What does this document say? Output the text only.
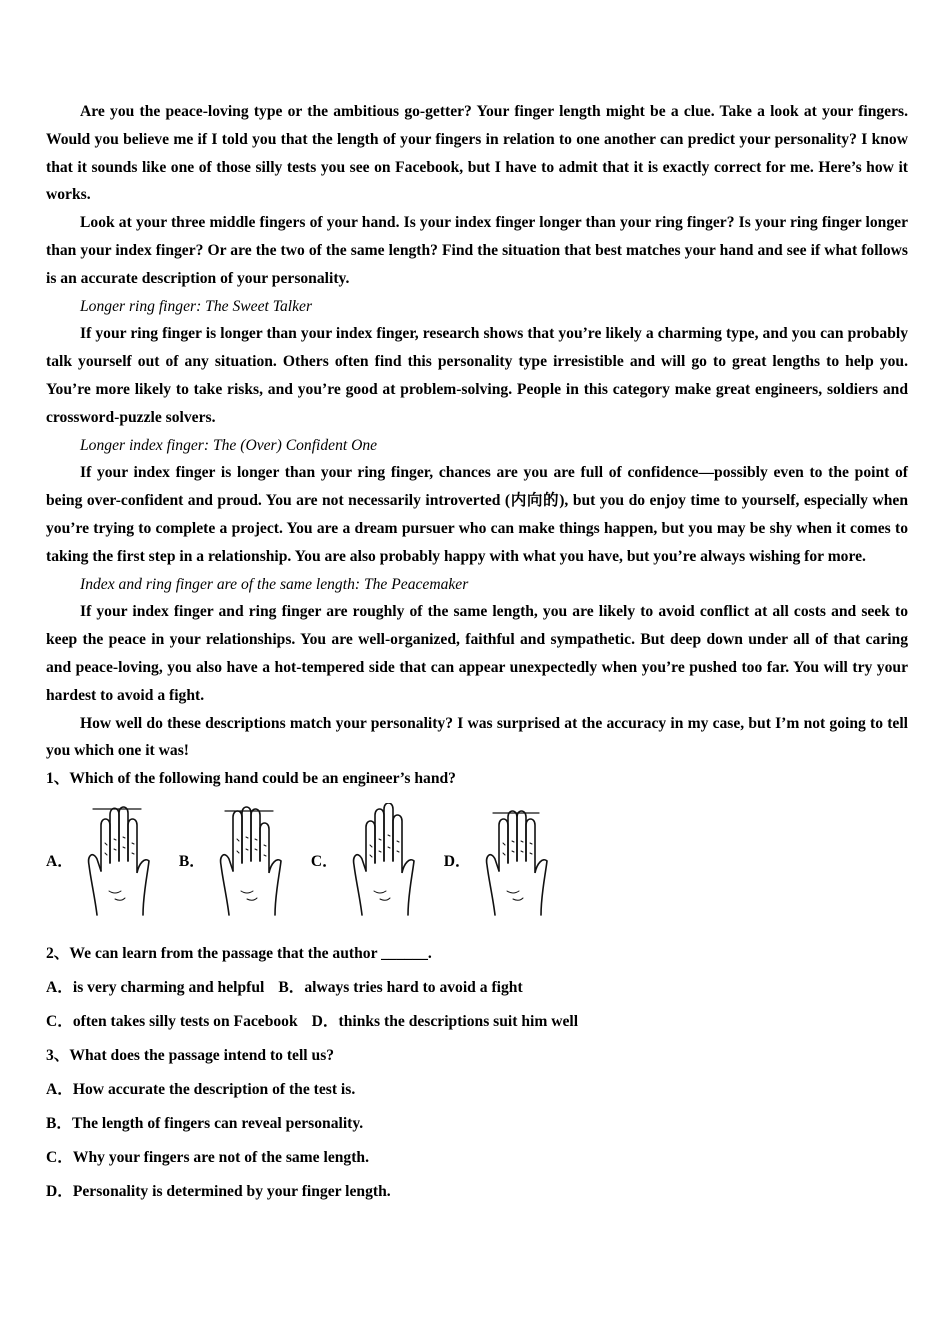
Are you the peace-loving type or the ambitious go-getter? Your finger length might be a clue. Take a look at your fingers. Would you believe me if I told you that the length of your fingers in relation to one another can predict your personality? I know that it sounds like one of those silly tests you see on Facebook, but I have to admit that it is exactly correct for me. Here’s how it works.

Look at your three middle fingers of your hand. Is your index finger longer than your ring finger? Is your ring finger longer than your index finger? Or are the two of the same length? Find the situation that best matches your hand and see if what follows is an accurate description of your personality.

Longer ring finger: The Sweet Talker

If your ring finger is longer than your index finger, research shows that you’re likely a charming type, and you can probably talk yourself out of any situation. Others often find this personality type irresistible and will go to great lengths to help you. You’re more likely to take risks, and you’re good at problem-solving. People in this category make great engineers, soldiers and crossword-puzzle solvers.

Longer index finger: The (Over) Confident One

If your index finger is longer than your ring finger, chances are you are full of confidence—possibly even to the point of being over-confident and proud. You are not necessarily introverted (内向的), but you do enjoy time to yourself, especially when you’re trying to complete a project. You are a dream pursuer who can make things happen, but you may be shy when it comes to taking the first step in a relationship. You are also probably happy with what you have, but you’re always wishing for more.

Index and ring finger are of the same length: The Peacemaker

If your index finger and ring finger are roughly of the same length, you are likely to avoid conflict at all costs and seek to keep the peace in your relationships. You are well-organized, faithful and sympathetic. But deep down under all of that caring and peace-loving, you also have a hot-tempered side that can appear unexpectedly when you’re pushed too far. You will try your hardest to avoid a fight.

How well do these descriptions match your personality? I was surprised at the accuracy in my case, but I’m not going to tell you which one it was!

1、Which of the following hand could be an engineer’s hand?

A．	B．	C．	D．

2、We can learn from the passage that the author ______.

A．is very charming and helpful B．always tries hard to avoid a fight

C．often takes silly tests on Facebook D．thinks the descriptions suit him well

3、What does the passage intend to tell us?

A．How accurate the description of the test is.

B．The length of fingers can reveal personality.

C．Why your fingers are not of the same length.

D．Personality is determined by your finger length.
